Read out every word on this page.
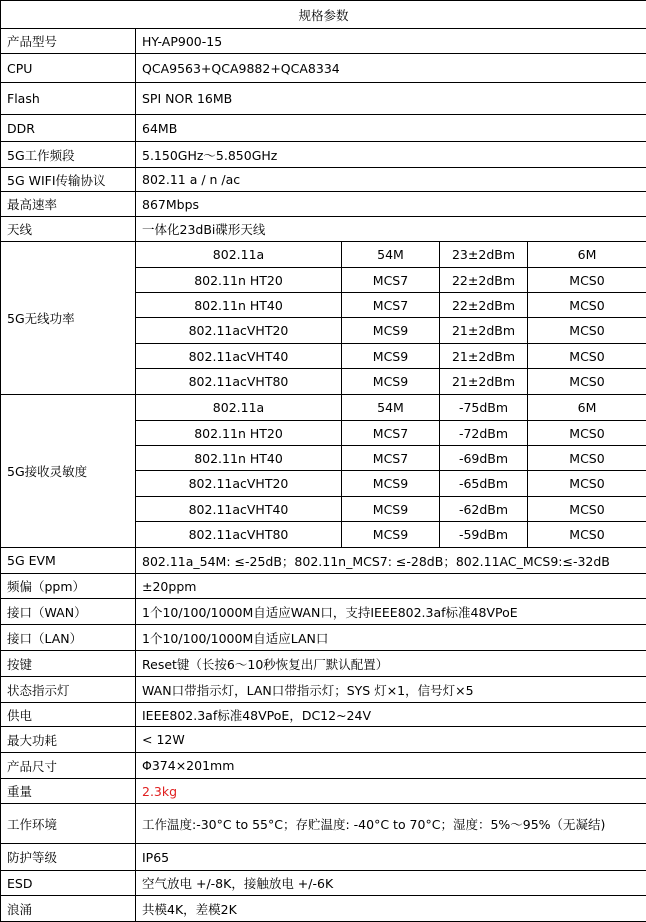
规格参数					
产品型号	HY-AP900-15				
CPU	QCA9563+QCA9882+QCA8334				
Flash	SPI NOR 16MB				
DDR	64MB				
5G工作频段	5.150GHz～5.850GHz				
5G WIFI传输协议	802.11 a / n /ac				
最高速率	867Mbps				
天线	一体化23dBi碟形天线				
5G无线功率	802.11a	54M	23±2dBm	6M	
	802.11n HT20	MCS7	22±2dBm	MCS0	
	802.11n HT40	MCS7	22±2dBm	MCS0	
	802.11acVHT20	MCS9	21±2dBm	MCS0	
	802.11acVHT40	MCS9	21±2dBm	MCS0	
	802.11acVHT80	MCS9	21±2dBm	MCS0	
5G接收灵敏度	802.11a	54M	-75dBm	6M	
	802.11n HT20	MCS7	-72dBm	MCS0	
	802.11n HT40	MCS7	-69dBm	MCS0	
	802.11acVHT20	MCS9	-65dBm	MCS0	
	802.11acVHT40	MCS9	-62dBm	MCS0	
	802.11acVHT80	MCS9	-59dBm	MCS0	
5G EVM	802.11a_54M: ≤-25dB；802.11n_MCS7: ≤-28dB；802.11AC_MCS9:≤-32dB				
频偏（ppm）	±20ppm				
接口（WAN）	1个10/100/1000M自适应WAN口，支持IEEE802.3af标准48VPoE				
接口（LAN）	1个10/100/1000M自适应LAN口				
按键	Reset键（长按6～10秒恢复出厂默认配置）				
状态指示灯	WAN口带指示灯，LAN口带指示灯；SYS 灯×1，信号灯×5				
供电	IEEE802.3af标准48VPoE，DC12~24V				
最大功耗	< 12W				
产品尺寸	Φ374×201mm				
重量	2.3kg				
工作环境	工作温度:-30°C to 55°C；存贮温度: -40°C to 70°C；湿度：5%～95%（无凝结)				
防护等级	IP65				
ESD	空气放电 +/-8K，接触放电 +/-6K				
浪涌	共模4K，差模2K				
